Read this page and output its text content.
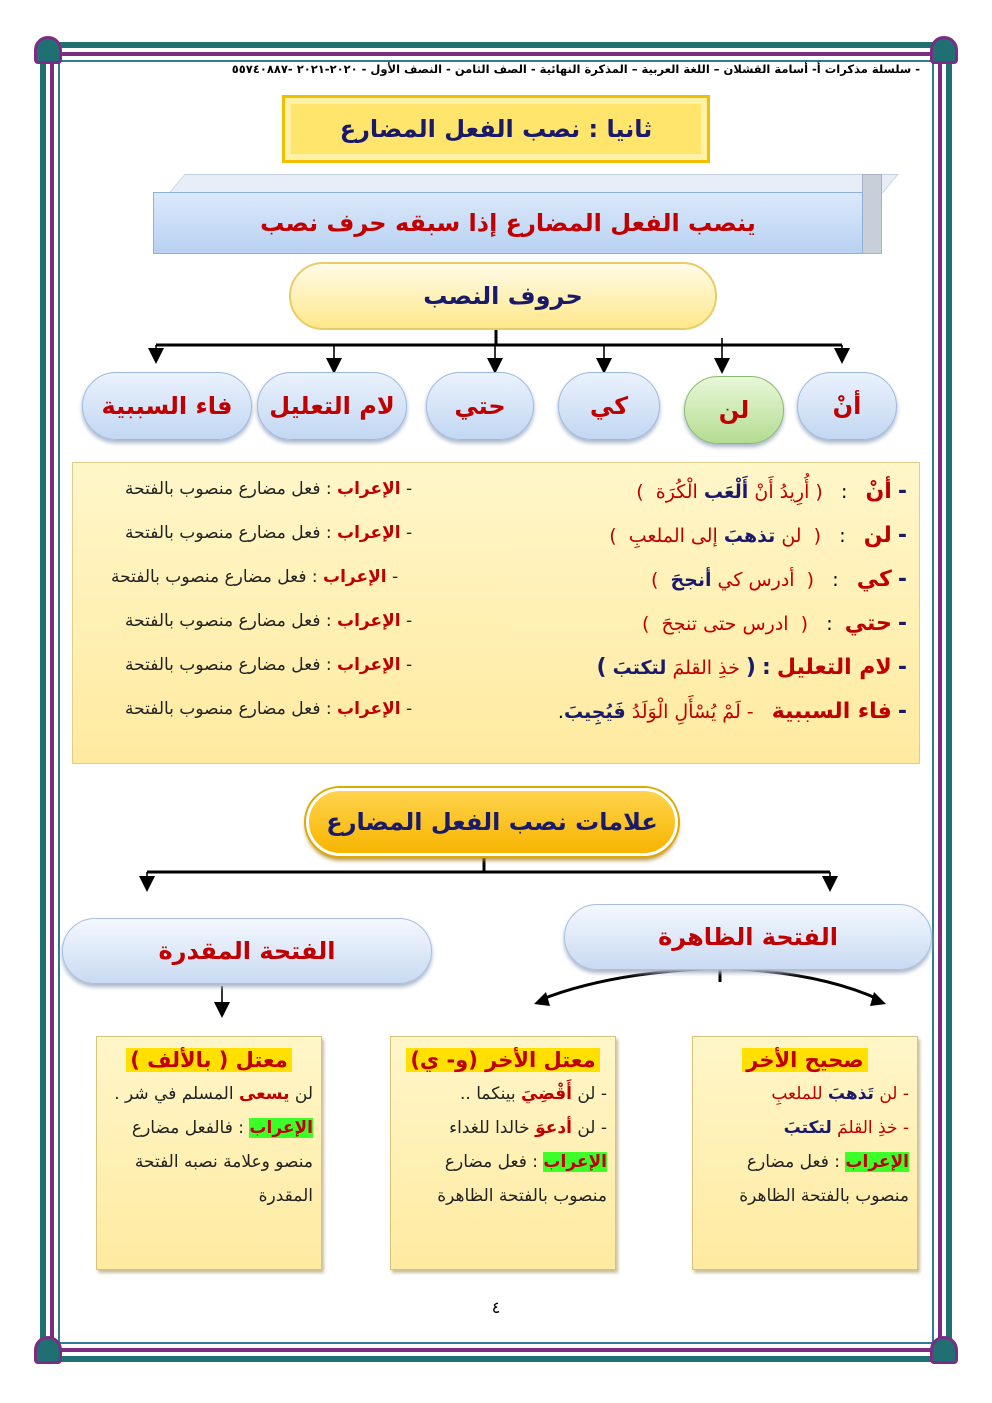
- سلسلة مذكرات أ- أسامة القشلان – اللغة العربية – المذكرة النهائية - الصف الثامن - النصف الأول - ٢٠٢٠-٢٠٢١ -٥٥٧٤٠٨٨٧
ثانيا : نصب الفعل المضارع
ينصب الفعل المضارع إذا سبقه حرف نصب
حروف النصب
أنْ
لن
كي
حتي
لام التعليل
فاء السببية
- أنْ   :   ( أُرِيدُ أَنْ أَلْعَب الْكُرَة  )
- الإعراب : فعل مضارع منصوب بالفتحة
- لن   :   (  لن تذهبَ إلى الملعبِ  )
- الإعراب : فعل مضارع منصوب بالفتحة
- كي   :   (  أدرس كي أنجحَ  )
- الإعراب : فعل مضارع منصوب بالفتحة
- حتي  :   (  ادرس حتى تنجحَ  )
- الإعراب : فعل مضارع منصوب بالفتحة
- لام التعليل : ( خذِ القلمَ لتكتبَ )
- الإعراب : فعل مضارع منصوب بالفتحة
- فاء السببية   - لَمْ يُسْأَلِ الْوَلَدُ فَيُجِيبَ.
- الإعراب : فعل مضارع منصوب بالفتحة
علامات نصب الفعل المضارع
الفتحة الظاهرة
الفتحة المقدرة
صحيح الأخر
- لن تَذهبَ للملعبِ
- خذِ القلمَ لتكتبَ
الإعراب : فعل مضارع منصوب بالفتحة الظاهرة
معتل الأخر (و- ي)
- لن أَقْضِيَ بينكما ..
- لن أدعوَ خالدا للغداء
الإعراب : فعل مضارع منصوب بالفتحة الظاهرة
معتل ( بالألف )
لن يسعى المسلم في شر .
الإعراب : فالفعل مضارع منصو وعلامة نصبه الفتحة المقدرة
٤
